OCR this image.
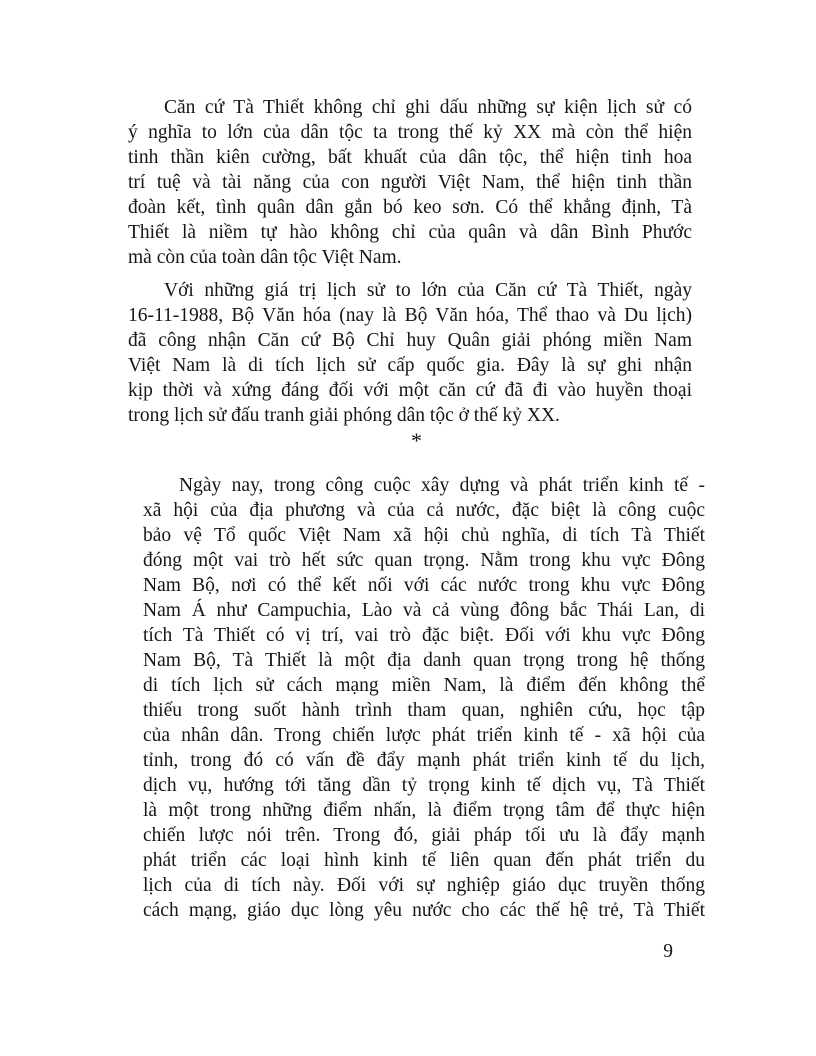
Căn cứ Tà Thiết không chỉ ghi dấu những sự kiện lịch sử có
ý nghĩa to lớn của dân tộc ta trong thế kỷ XX mà còn thể hiện
tinh thần kiên cường, bất khuất của dân tộc, thể hiện tinh hoa
trí tuệ và tài năng của con người Việt Nam, thể hiện tinh thần
đoàn kết, tình quân dân gắn bó keo sơn. Có thể khẳng định, Tà
Thiết là niềm tự hào không chỉ của quân và dân Bình Phước
mà còn của toàn dân tộc Việt Nam.
Với những giá trị lịch sử to lớn của Căn cứ Tà Thiết, ngày
16-11-1988, Bộ Văn hóa (nay là Bộ Văn hóa, Thể thao và Du lịch)
đã công nhận Căn cứ Bộ Chỉ huy Quân giải phóng miền Nam
Việt Nam là di tích lịch sử cấp quốc gia. Đây là sự ghi nhận
kịp thời và xứng đáng đối với một căn cứ đã đi vào huyền thoại
trong lịch sử đấu tranh giải phóng dân tộc ở thế kỷ XX.
*
Ngày nay, trong công cuộc xây dựng và phát triển kinh tế -
xã hội của địa phương và của cả nước, đặc biệt là công cuộc
bảo vệ Tổ quốc Việt Nam xã hội chủ nghĩa, di tích Tà Thiết
đóng một vai trò hết sức quan trọng. Nằm trong khu vực Đông
Nam Bộ, nơi có thể kết nối với các nước trong khu vực Đông
Nam Á như Campuchia, Lào và cả vùng đông bắc Thái Lan, di
tích Tà Thiết có vị trí, vai trò đặc biệt. Đối với khu vực Đông
Nam Bộ, Tà Thiết là một địa danh quan trọng trong hệ thống
di tích lịch sử cách mạng miền Nam, là điểm đến không thể
thiếu trong suốt hành trình tham quan, nghiên cứu, học tập
của nhân dân. Trong chiến lược phát triển kinh tế - xã hội của
tỉnh, trong đó có vấn đề đẩy mạnh phát triển kinh tế du lịch,
dịch vụ, hướng tới tăng dần tỷ trọng kinh tế dịch vụ, Tà Thiết
là một trong những điểm nhấn, là điểm trọng tâm để thực hiện
chiến lược nói trên. Trong đó, giải pháp tối ưu là đẩy mạnh
phát triển các loại hình kinh tế liên quan đến phát triển du
lịch của di tích này. Đối với sự nghiệp giáo dục truyền thống
cách mạng, giáo dục lòng yêu nước cho các thế hệ trẻ, Tà Thiết
9
